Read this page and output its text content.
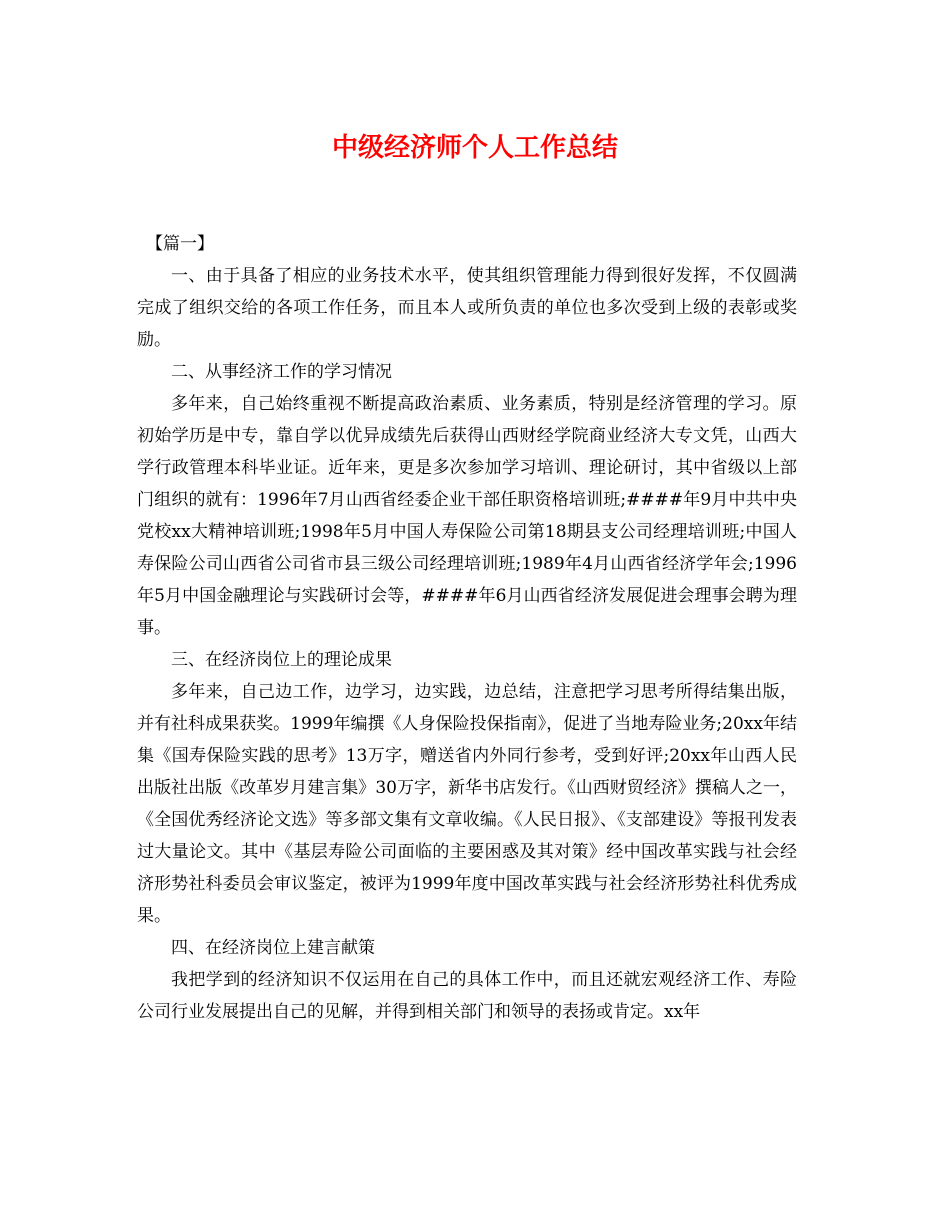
中级经济师个人工作总结

【篇一】

一、由于具备了相应的业务技术水平，使其组织管理能力得到很好发挥，不仅圆满完成了组织交给的各项工作任务，而且本人或所负责的单位也多次受到上级的表彰或奖励。

二、从事经济工作的学习情况

多年来，自己始终重视不断提高政治素质、业务素质，特别是经济管理的学习。原初始学历是中专，靠自学以优异成绩先后获得山西财经学院商业经济大专文凭，山西大学行政管理本科毕业证。近年来，更是多次参加学习培训、理论研讨，其中省级以上部门组织的就有：1996年7月山西省经委企业干部任职资格培训班;####年9月中共中央党校xx大精神培训班;1998年5月中国人寿保险公司第18期县支公司经理培训班;中国人寿保险公司山西省公司省市县三级公司经理培训班;1989年4月山西省经济学年会;1996年5月中国金融理论与实践研讨会等，####年6月山西省经济发展促进会理事会聘为理事。

三、在经济岗位上的理论成果

多年来，自己边工作，边学习，边实践，边总结，注意把学习思考所得结集出版，并有社科成果获奖。1999年编撰《人身保险投保指南》，促进了当地寿险业务;20xx年结集《国寿保险实践的思考》13万字，赠送省内外同行参考，受到好评;20xx年山西人民出版社出版《改革岁月建言集》30万字，新华书店发行。《山西财贸经济》撰稿人之一，《全国优秀经济论文选》等多部文集有文章收编。《人民日报》、《支部建设》等报刊发表过大量论文。其中《基层寿险公司面临的主要困惑及其对策》经中国改革实践与社会经济形势社科委员会审议鉴定，被评为1999年度中国改革实践与社会经济形势社科优秀成果。

四、在经济岗位上建言献策

我把学到的经济知识不仅运用在自己的具体工作中，而且还就宏观经济工作、寿险公司行业发展提出自己的见解，并得到相关部门和领导的表扬或肯定。xx年
